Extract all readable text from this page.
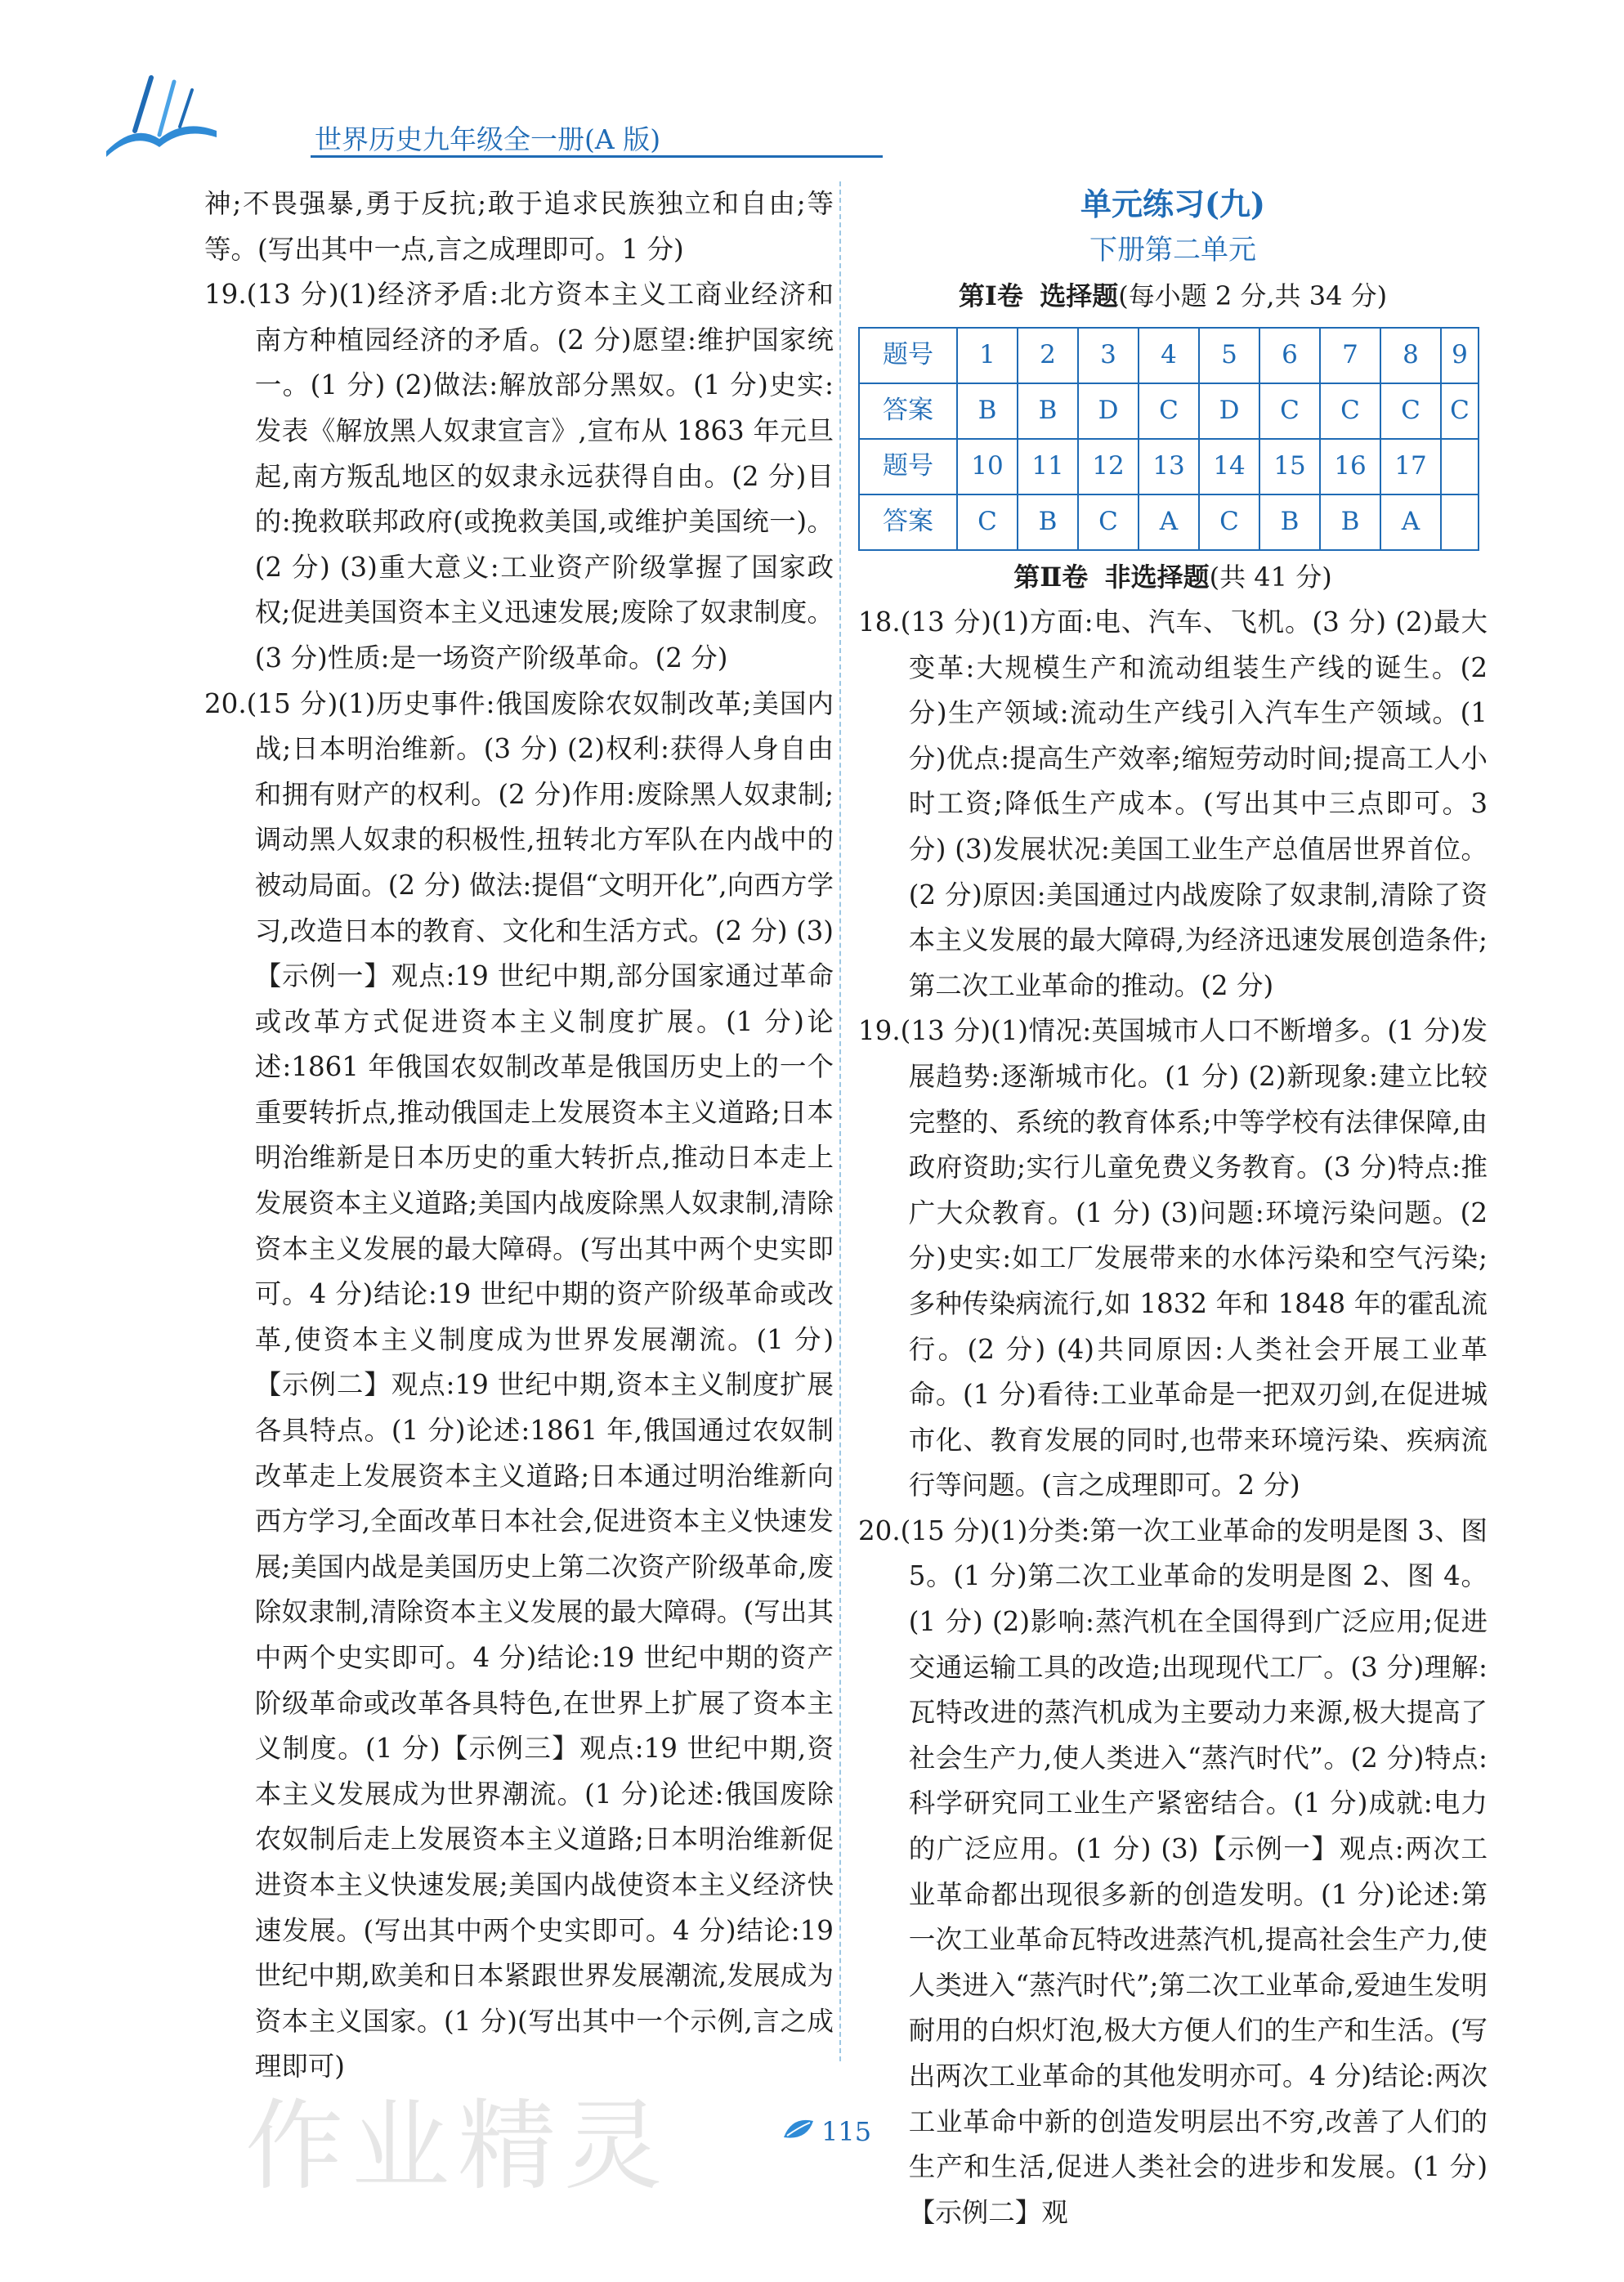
世界历史九年级全一册(A 版)
神;不畏强暴,勇于反抗;敢于追求民族独立和自由;等等。(写出其中一点,言之成理即可。1 分)
19.(13 分)(1)经济矛盾:北方资本主义工商业经济和南方种植园经济的矛盾。(2 分)愿望:维护国家统一。(1 分) (2)做法:解放部分黑奴。(1 分)史实:发表《解放黑人奴隶宣言》,宣布从 1863 年元旦起,南方叛乱地区的奴隶永远获得自由。(2 分)目的:挽救联邦政府(或挽救美国,或维护美国统一)。(2 分) (3)重大意义:工业资产阶级掌握了国家政权;促进美国资本主义迅速发展;废除了奴隶制度。(3 分)性质:是一场资产阶级革命。(2 分)
20.(15 分)(1)历史事件:俄国废除农奴制改革;美国内战;日本明治维新。(3 分) (2)权利:获得人身自由和拥有财产的权利。(2 分)作用:废除黑人奴隶制;调动黑人奴隶的积极性,扭转北方军队在内战中的被动局面。(2 分) 做法:提倡“文明开化”,向西方学习,改造日本的教育、文化和生活方式。(2 分) (3)【示例一】观点:19 世纪中期,部分国家通过革命或改革方式促进资本主义制度扩展。(1 分)论述:1861 年俄国农奴制改革是俄国历史上的一个重要转折点,推动俄国走上发展资本主义道路;日本明治维新是日本历史的重大转折点,推动日本走上发展资本主义道路;美国内战废除黑人奴隶制,清除资本主义发展的最大障碍。(写出其中两个史实即可。4 分)结论:19 世纪中期的资产阶级革命或改革,使资本主义制度成为世界发展潮流。(1 分)【示例二】观点:19 世纪中期,资本主义制度扩展各具特点。(1 分)论述:1861 年,俄国通过农奴制改革走上发展资本主义道路;日本通过明治维新向西方学习,全面改革日本社会,促进资本主义快速发展;美国内战是美国历史上第二次资产阶级革命,废除奴隶制,清除资本主义发展的最大障碍。(写出其中两个史实即可。4 分)结论:19 世纪中期的资产阶级革命或改革各具特色,在世界上扩展了资本主义制度。(1 分)【示例三】观点:19 世纪中期,资本主义发展成为世界潮流。(1 分)论述:俄国废除农奴制后走上发展资本主义道路;日本明治维新促进资本主义快速发展;美国内战使资本主义经济快速发展。(写出其中两个史实即可。4 分)结论:19 世纪中期,欧美和日本紧跟世界发展潮流,发展成为资本主义国家。(1 分)(写出其中一个示例,言之成理即可)
单元练习(九)
下册第二单元
第Ⅰ卷 选择题(每小题 2 分,共 34 分)
题号	1	2	3	4	5	6	7	8	9
答案	B	B	D	C	D	C	C	C	C
题号	10	11	12	13	14	15	16	17	
答案	C	B	C	A	C	B	B	A	
第Ⅱ卷 非选择题(共 41 分)
18.(13 分)(1)方面:电、汽车、飞机。(3 分) (2)最大变革:大规模生产和流动组装生产线的诞生。(2 分)生产领域:流动生产线引入汽车生产领域。(1 分)优点:提高生产效率;缩短劳动时间;提高工人小时工资;降低生产成本。(写出其中三点即可。3 分) (3)发展状况:美国工业生产总值居世界首位。(2 分)原因:美国通过内战废除了奴隶制,清除了资本主义发展的最大障碍,为经济迅速发展创造条件;第二次工业革命的推动。(2 分)
19.(13 分)(1)情况:英国城市人口不断增多。(1 分)发展趋势:逐渐城市化。(1 分) (2)新现象:建立比较完整的、系统的教育体系;中等学校有法律保障,由政府资助;实行儿童免费义务教育。(3 分)特点:推广大众教育。(1 分) (3)问题:环境污染问题。(2 分)史实:如工厂发展带来的水体污染和空气污染;多种传染病流行,如 1832 年和 1848 年的霍乱流行。(2 分) (4)共同原因:人类社会开展工业革命。(1 分)看待:工业革命是一把双刃剑,在促进城市化、教育发展的同时,也带来环境污染、疾病流行等问题。(言之成理即可。2 分)
20.(15 分)(1)分类:第一次工业革命的发明是图 3、图 5。(1 分)第二次工业革命的发明是图 2、图 4。(1 分) (2)影响:蒸汽机在全国得到广泛应用;促进交通运输工具的改造;出现现代工厂。(3 分)理解:瓦特改进的蒸汽机成为主要动力来源,极大提高了社会生产力,使人类进入“蒸汽时代”。(2 分)特点:科学研究同工业生产紧密结合。(1 分)成就:电力的广泛应用。(1 分) (3)【示例一】观点:两次工业革命都出现很多新的创造发明。(1 分)论述:第一次工业革命瓦特改进蒸汽机,提高社会生产力,使人类进入“蒸汽时代”;第二次工业革命,爱迪生发明耐用的白炽灯泡,极大方便人们的生产和生活。(写出两次工业革命的其他发明亦可。4 分)结论:两次工业革命中新的创造发明层出不穷,改善了人们的生产和生活,促进人类社会的进步和发展。(1 分)【示例二】观
作业精灵	115
